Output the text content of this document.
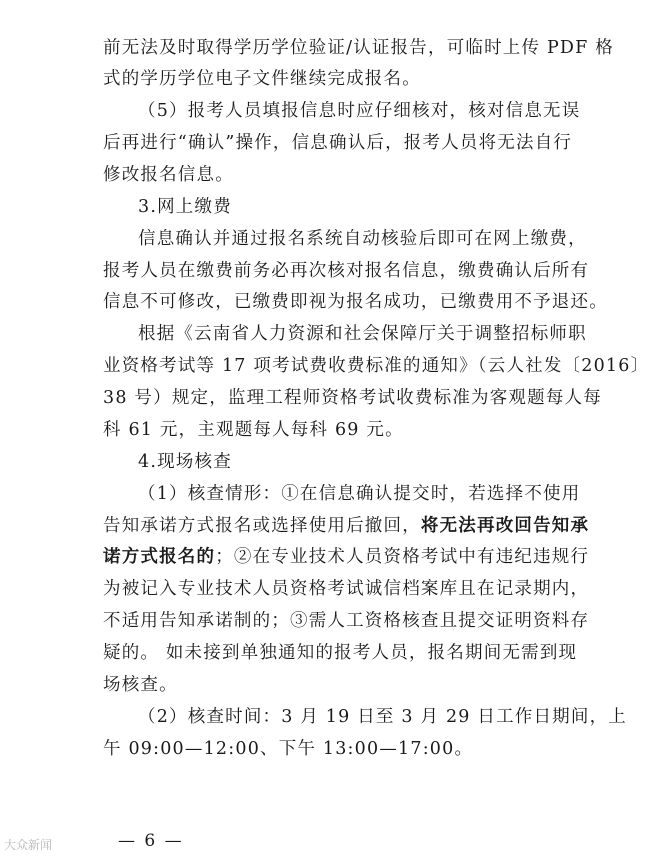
前无法及时取得学历学位验证/认证报告，可临时上传 PDF 格
式的学历学位电子文件继续完成报名。
（5）报考人员填报信息时应仔细核对，核对信息无误
后再进行“确认”操作，信息确认后，报考人员将无法自行
修改报名信息。
3.网上缴费
信息确认并通过报名系统自动核验后即可在网上缴费，
报考人员在缴费前务必再次核对报名信息，缴费确认后所有
信息不可修改，已缴费即视为报名成功，已缴费用不予退还。
根据《云南省人力资源和社会保障厅关于调整招标师职
业资格考试等 17 项考试费收费标准的通知》（云人社发〔2016〕
38 号）规定，监理工程师资格考试收费标准为客观题每人每
科 61 元，主观题每人每科 69 元。
4.现场核查
（1）核查情形：①在信息确认提交时，若选择不使用
告知承诺方式报名或选择使用后撤回，将无法再改回告知承
诺方式报名的；②在专业技术人员资格考试中有违纪违规行
为被记入专业技术人员资格考试诚信档案库且在记录期内，
不适用告知承诺制的；③需人工资格核查且提交证明资料存
疑的。 如未接到单独通知的报考人员，报名期间无需到现
场核查。
（2）核查时间：3 月 19 日至 3 月 29 日工作日期间，上
午 09:00—12:00、下午 13:00—17:00。
— 6 —
大众新闻
